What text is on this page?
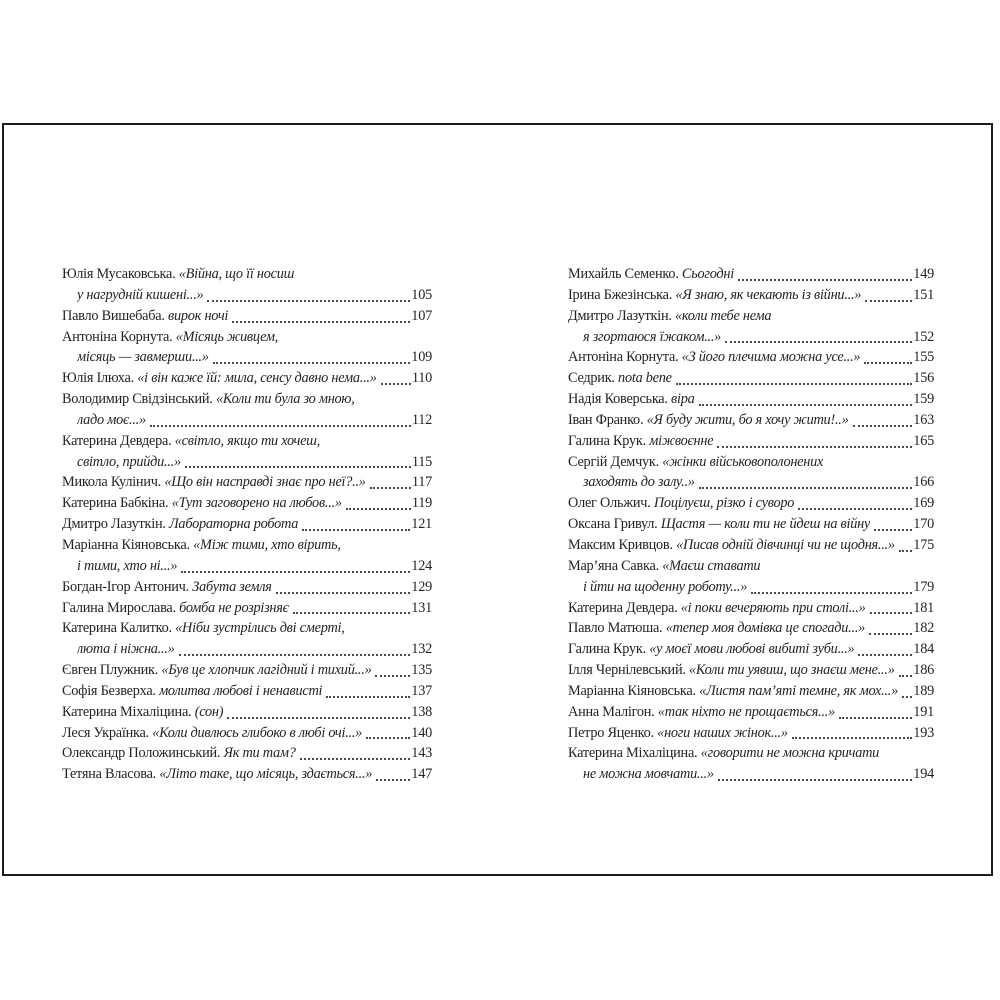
Юлія Мусаковська. «Війна, що її носиш
у нагрудній кишені...»	105
Павло Вишебаба. вирок ночі	107
Антоніна Корнута. «Місяць живцем,
місяць — завмерши...»	109
Юлія Ілюха. «і він каже їй: мила, сенсу давно нема...» 110
Володимир Свідзінський. «Коли ти була зо мною,
ладо моє...»	112
Катерина Девдера. «світло, якщо ти хочеш,
світло, прийди...»	115
Микола Кулінич. «Що він насправді знає про неї?..»	117
Катерина Бабкіна. «Тут заговорено на любов...»	119
Дмитро Лазуткін. Лабораторна робота	121
Маріанна Кіяновська. «Між тими, хто вірить,
і тими, хто ні...»	124
Богдан-Ігор Антонич. Забута земля	129
Галина Мирослава. бомба не розрізняє	131
Катерина Калитко. «Ніби зустрілись дві смерті,
люта і ніжна...»	132
Євген Плужник. «Був це хлопчик лагідний і тихий...»	135
Софія Безверха. молитва любові і ненависті	137
Катерина Міхаліцина. (сон)	138
Леся Українка. «Коли дивлюсь глибоко в любі очі...»	140
Олександр Положинський. Як ти там?	143
Тетяна Власова. «Літо таке, що місяць, здається...»	147
Михайль Семенко. Сьогодні	149
Ірина Бжезінська. «Я знаю, як чекають із війни...»	151
Дмитро Лазуткін. «коли тебе нема
я згортаюся їжаком...»	152
Антоніна Корнута. «З його плечима можна усе...»	155
Седрик. nota bene	156
Надія Коверська. віра	159
Іван Франко. «Я буду жити, бо я хочу жити!..»	163
Галина Крук. міжвоєнне	165
Сергій Демчук. «жінки військовополонених
заходять до залу..»	166
Олег Ольжич. Поцілуєш, різко і суворо	169
Оксана Гривул. Щастя — коли ти не йдеш на війну	170
Максим Кривцов. «Писав одній дівчинці чи не щодня...» 175
Мар’яна Савка. «Маєш ставати
і йти на щоденну роботу...»	179
Катерина Девдера. «і поки вечеряють при столі...»	181
Павло Матюша. «тепер моя домівка це спогади...»	182
Галина Крук. «у моєї мови любові вибиті зуби...»	184
Ілля Чернілевський. «Коли ти уявиш, що знаєш мене...» 186
Маріанна Кіяновська. «Листя пам’яті темне, як мох...» 189
Анна Малігон. «так ніхто не прощається...»	191
Петро Яценко. «ноги наших жінок...»	193
Катерина Міхаліцина. «говорити не можна кричати
не можна мовчати...»	194
